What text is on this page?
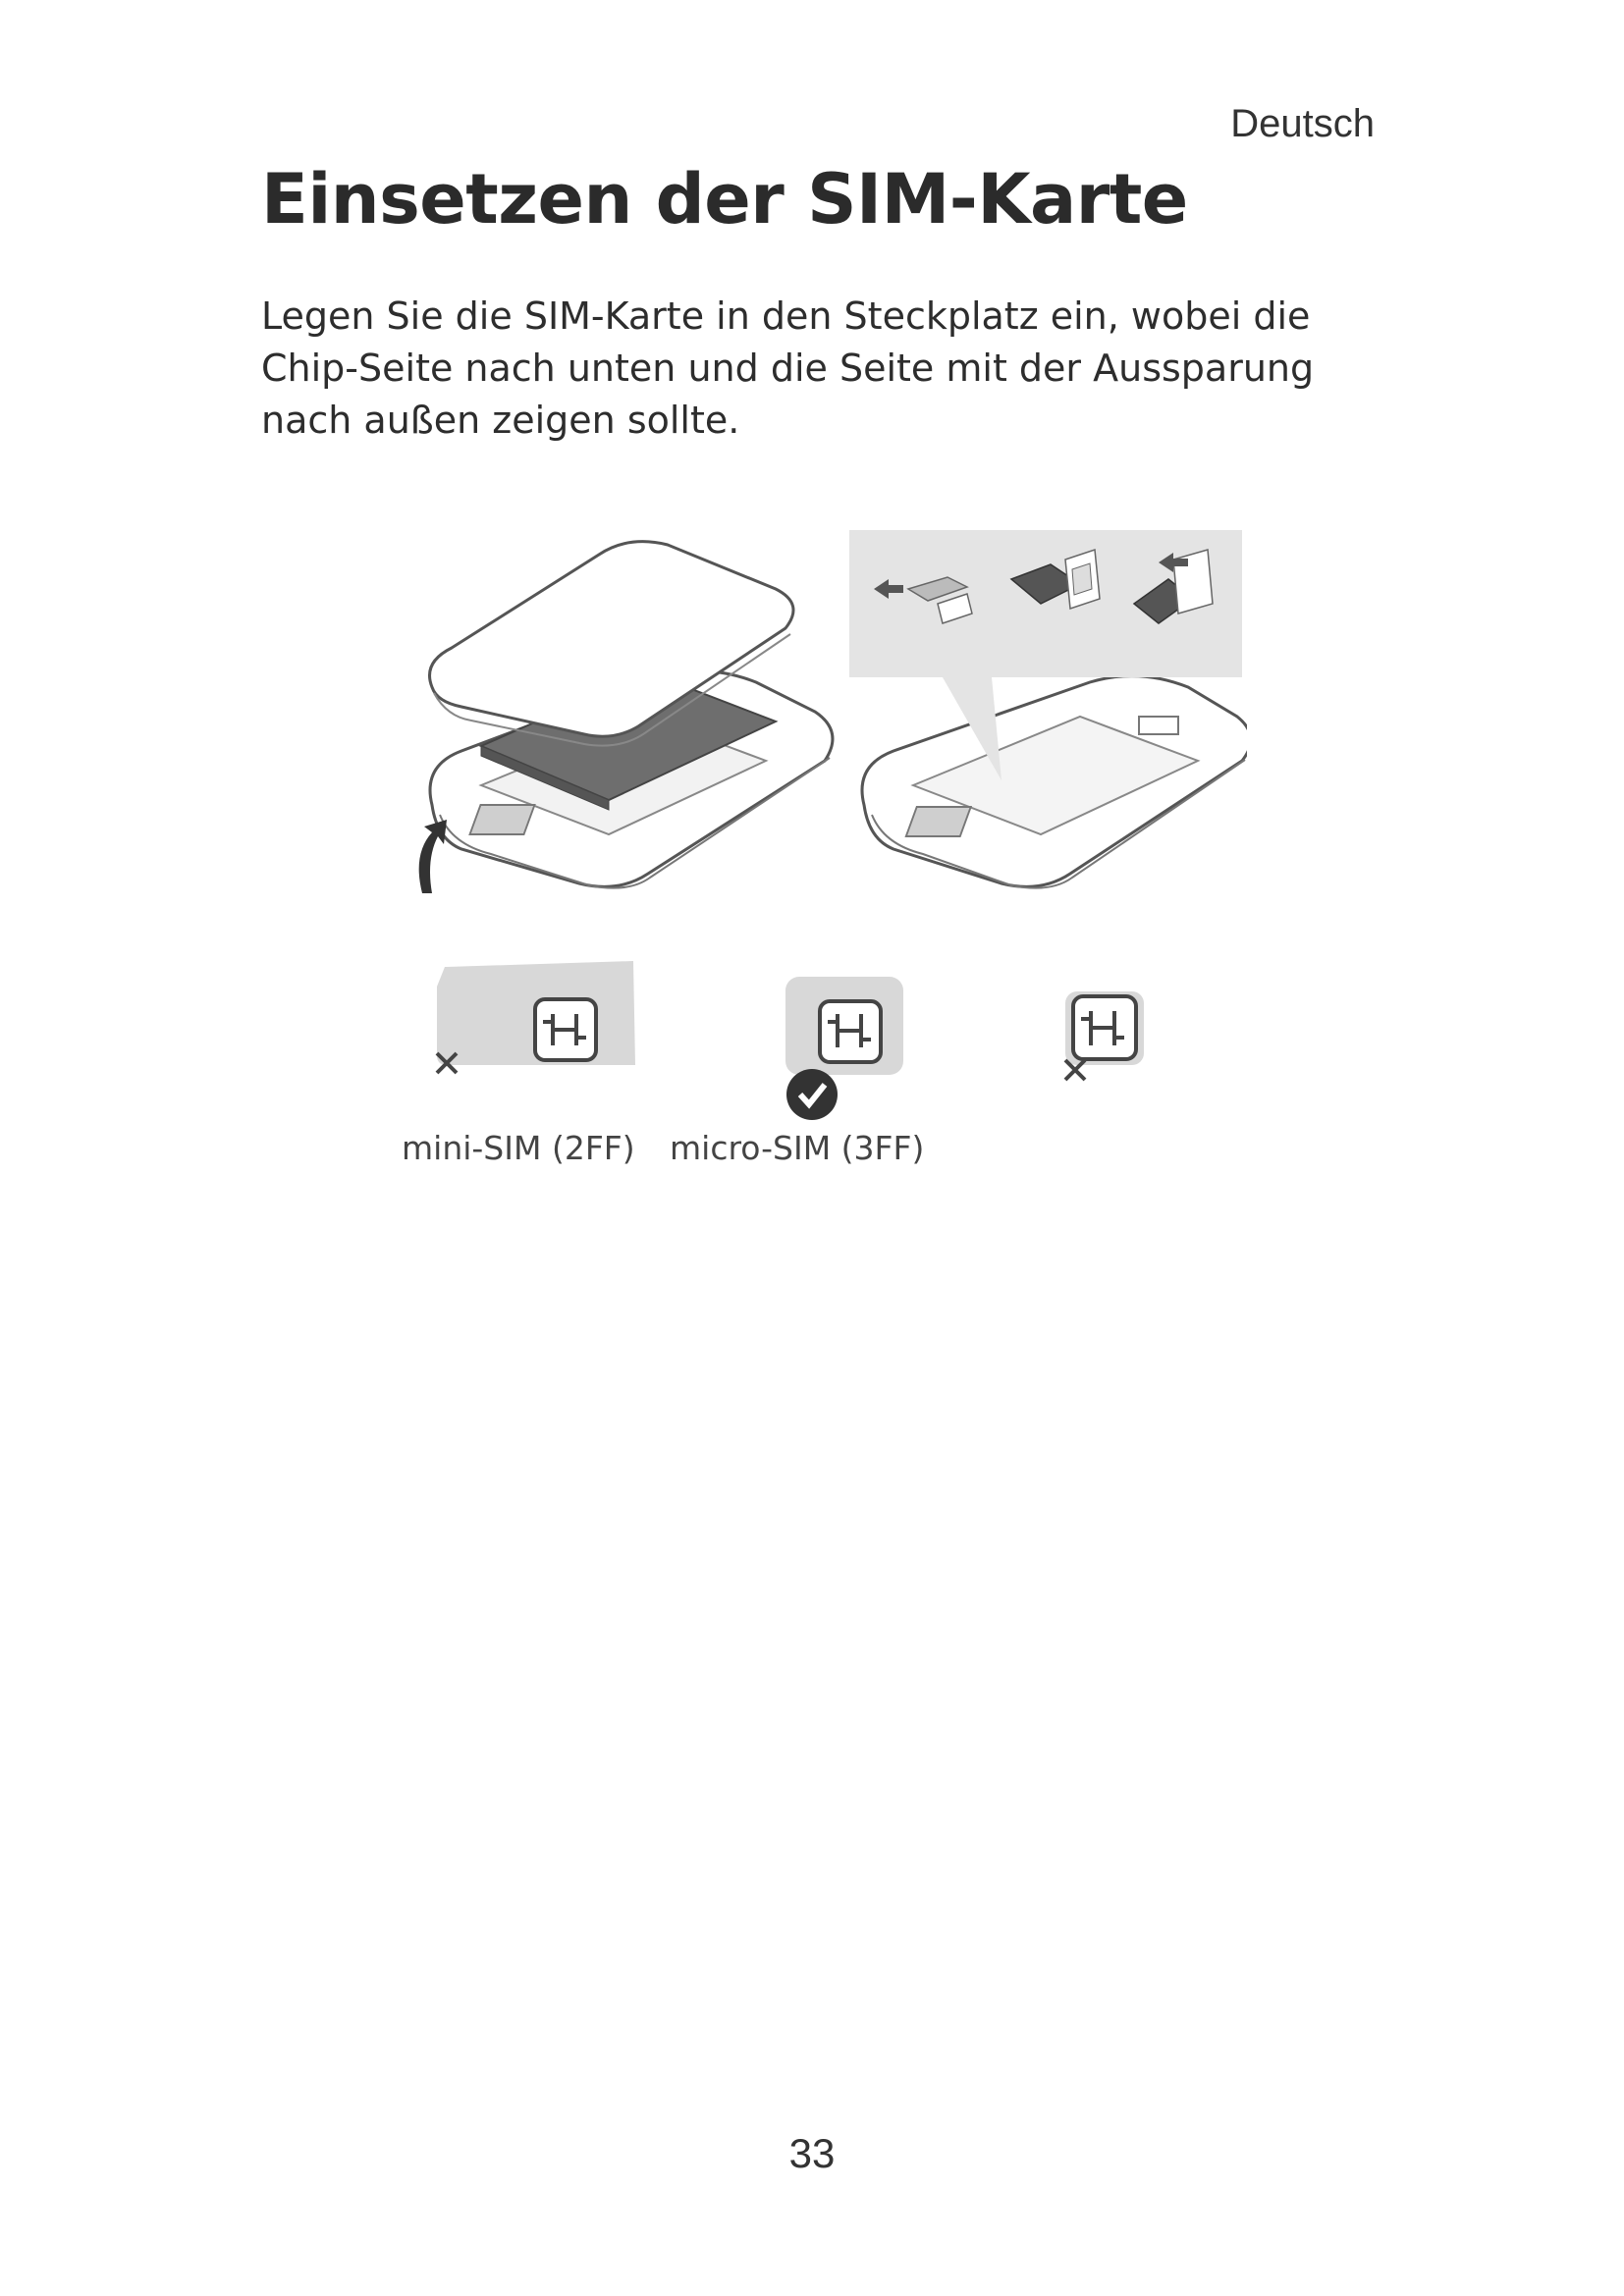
Deutsch
Einsetzen der SIM-Karte
Legen Sie die SIM-Karte in den Steckplatz ein, wobei die
Chip-Seite nach unten und die Seite mit der Aussparung
nach außen zeigen sollte.
mini-SIM (2FF) micro-SIM (3FF)
33
